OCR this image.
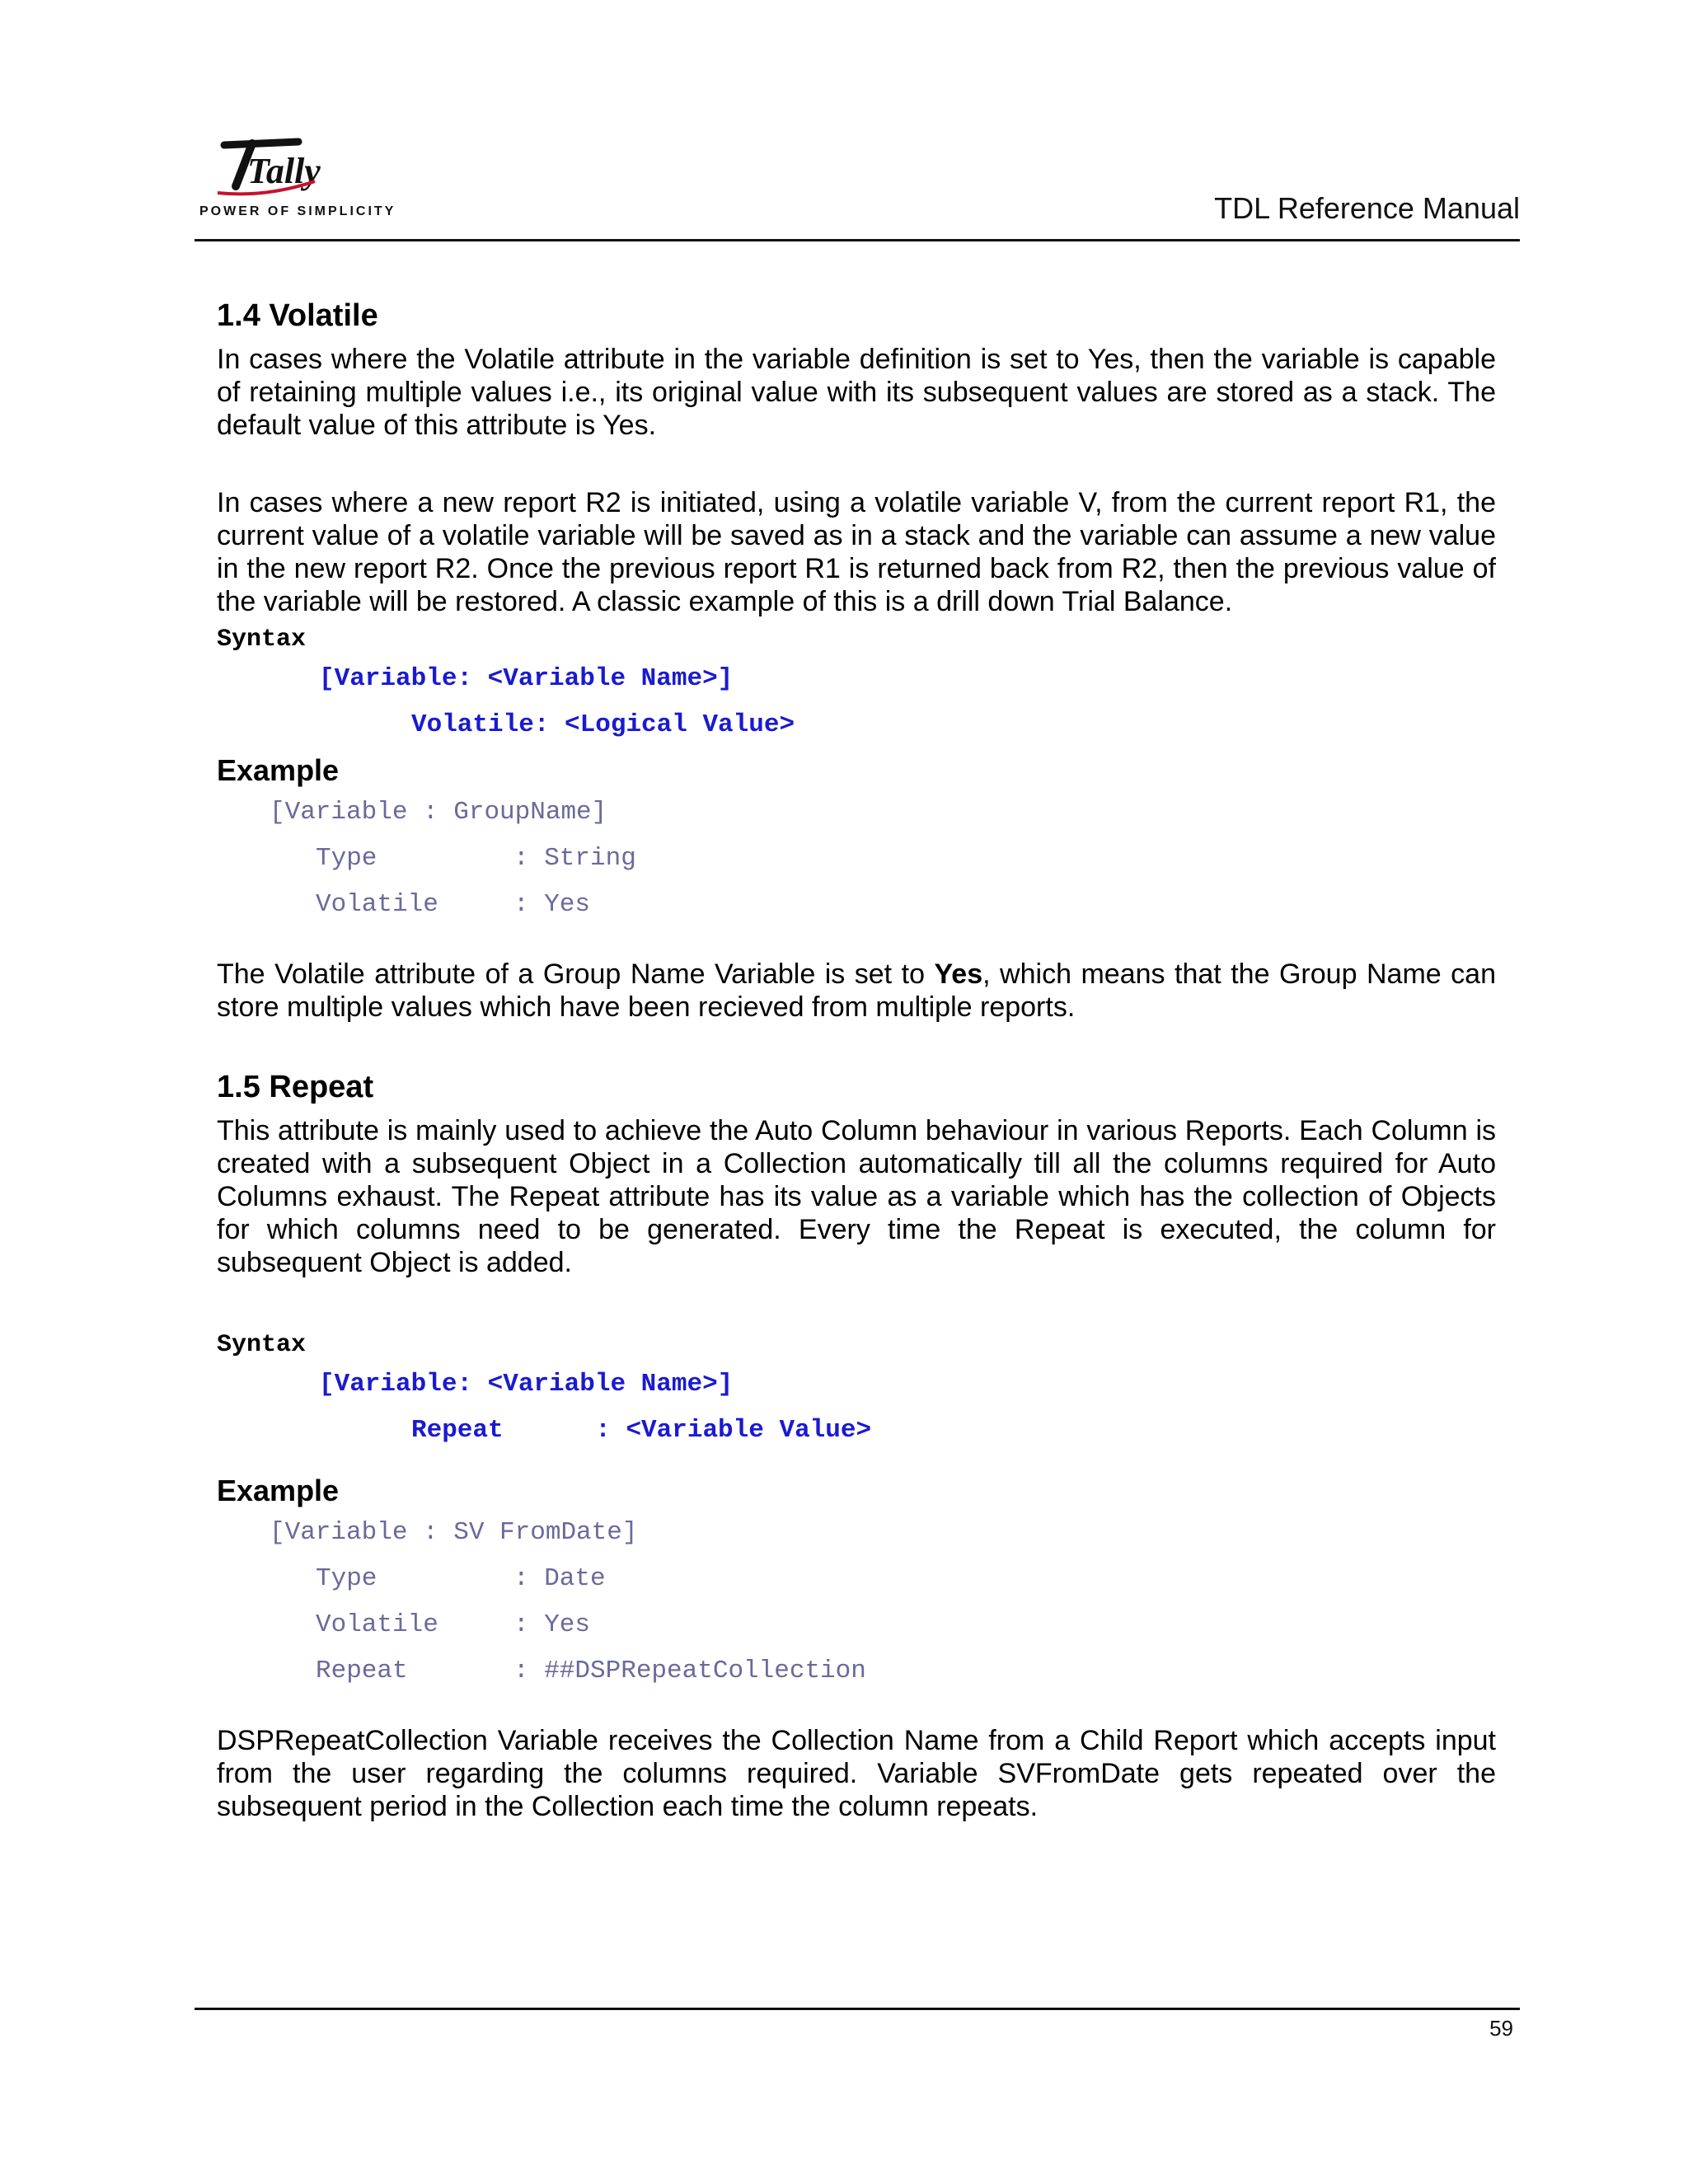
Tally
POWER OF SIMPLICITY	TDL Reference Manual
1.4 Volatile

In cases where the Volatile attribute in the variable definition is set to Yes, then the variable is capable of retaining multiple values i.e., its original value with its subsequent values are stored as a stack. The default value of this attribute is Yes.

In cases where a new report R2 is initiated, using a volatile variable V, from the current report R1, the current value of a volatile variable will be saved as in a stack and the variable can assume a new value in the new report R2. Once the previous report R1 is returned back from R2, then the previous value of the variable will be restored. A classic example of this is a drill down Trial Balance.

Syntax
[Variable: <Variable Name>]
Volatile: <Logical Value>
Example
[Variable : GroupName]
Type	: String
Volatile	: Yes

The Volatile attribute of a Group Name Variable is set to Yes, which means that the Group Name can store multiple values which have been recieved from multiple reports.

1.5 Repeat

This attribute is mainly used to achieve the Auto Column behaviour in various Reports. Each Column is created with a subsequent Object in a Collection automatically till all the columns required for Auto Columns exhaust. The Repeat attribute has its value as a variable which has the collection of Objects for which columns need to be generated. Every time the Repeat is executed, the column for subsequent Object is added.

Syntax
[Variable: <Variable Name>]
Repeat      : <Variable Value>
Example
[Variable : SV FromDate]
Type	: Date
Volatile	: Yes
Repeat	: ##DSPRepeatCollection

DSPRepeatCollection Variable receives the Collection Name from a Child Report which accepts input from the user regarding the columns required. Variable SVFromDate gets repeated over the subsequent period in the Collection each time the column repeats.

59
